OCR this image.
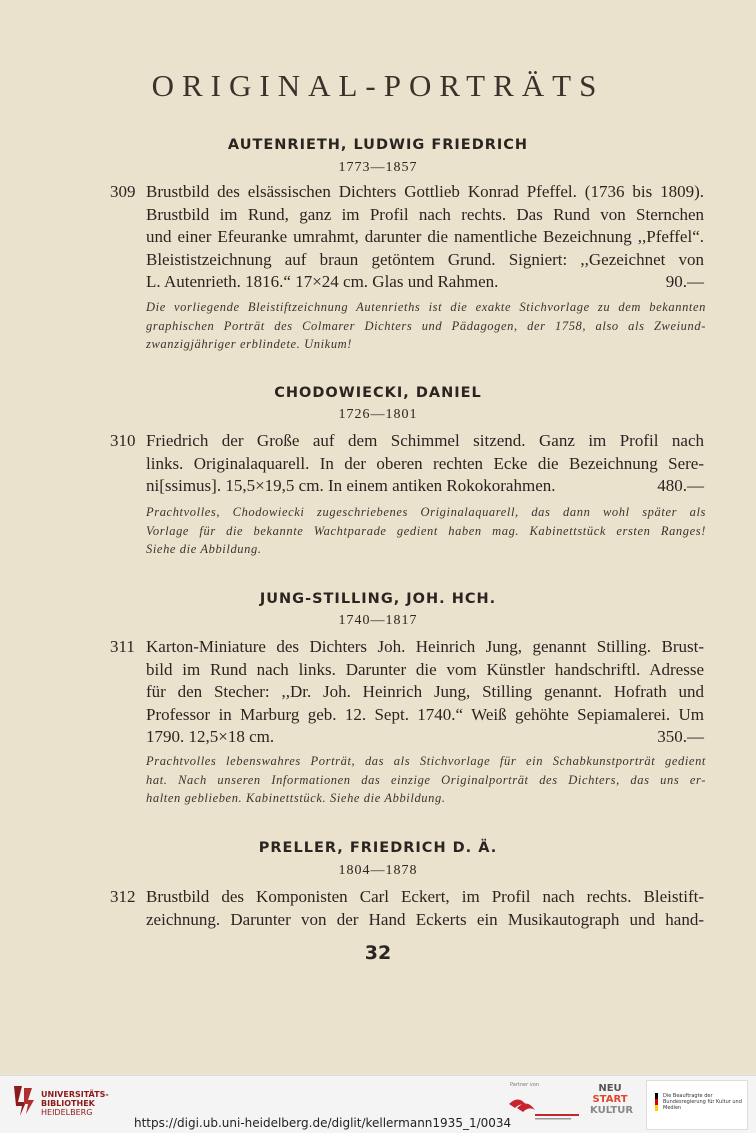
ORIGINAL-PORTRÄTS
AUTENRIETH, LUDWIG FRIEDRICH
1773—1857
309 Brustbild des elsässischen Dichters Gottlieb Konrad Pfeffel. (1736 bis 1809).
Brustbild im Rund, ganz im Profil nach rechts. Das Rund von Sternchen
und einer Efeuranke umrahmt, darunter die namentliche Bezeichnung ,,Pfeffel“.
Bleististzeichnung auf braun getöntem Grund. Signiert: ,,Gezeichnet von
L. Autenrieth. 1816.“ 17×24 cm. Glas und Rahmen.	90.—
Die vorliegende Bleistiftzeichnung Autenrieths ist die exakte Stichvorlage zu dem bekannten
graphischen Porträt des Colmarer Dichters und Pädagogen, der 1758, also als Zweiund-
zwanzigjähriger erblindete. Unikum!
CHODOWIECKI, DANIEL
1726—1801
310 Friedrich der Große auf dem Schimmel sitzend. Ganz im Profil nach
links. Originalaquarell. In der oberen rechten Ecke die Bezeichnung Sere-
ni[ssimus]. 15,5×19,5 cm. In einem antiken Rokokorahmen.	480.—
Prachtvolles, Chodowiecki zugeschriebenes Originalaquarell, das dann wohl später als
Vorlage für die bekannte Wachtparade gedient haben mag. Kabinettstück ersten Ranges!
Siehe die Abbildung.
JUNG-STILLING, JOH. HCH.
1740—1817
311 Karton-Miniature des Dichters Joh. Heinrich Jung, genannt Stilling. Brust-
bild im Rund nach links. Darunter die vom Künstler handschriftl. Adresse
für den Stecher: ,,Dr. Joh. Heinrich Jung, Stilling genannt. Hofrath und
Professor in Marburg geb. 12. Sept. 1740.“ Weiß gehöhte Sepiamalerei. Um
1790. 12,5×18 cm.	350.—
Prachtvolles lebenswahres Porträt, das als Stichvorlage für ein Schabkunstporträt gedient
hat. Nach unseren Informationen das einzige Originalporträt des Dichters, das uns er-
halten geblieben. Kabinettstück. Siehe die Abbildung.
PRELLER, FRIEDRICH D. Ä.
1804—1878
312 Brustbild des Komponisten Carl Eckert, im Profil nach rechts. Bleistift-
zeichnung. Darunter von der Hand Eckerts ein Musikautograph und hand-
32
UNIVERSITÄTS-
BIBLIOTHEK
HEIDELBERG
https://digi.ub.uni-heidelberg.de/diglit/kellermann1935_1/0034
Partner von	NEU
START
KULTUR
Die Beauftragte der Bundesregierung für Kultur und Medien
